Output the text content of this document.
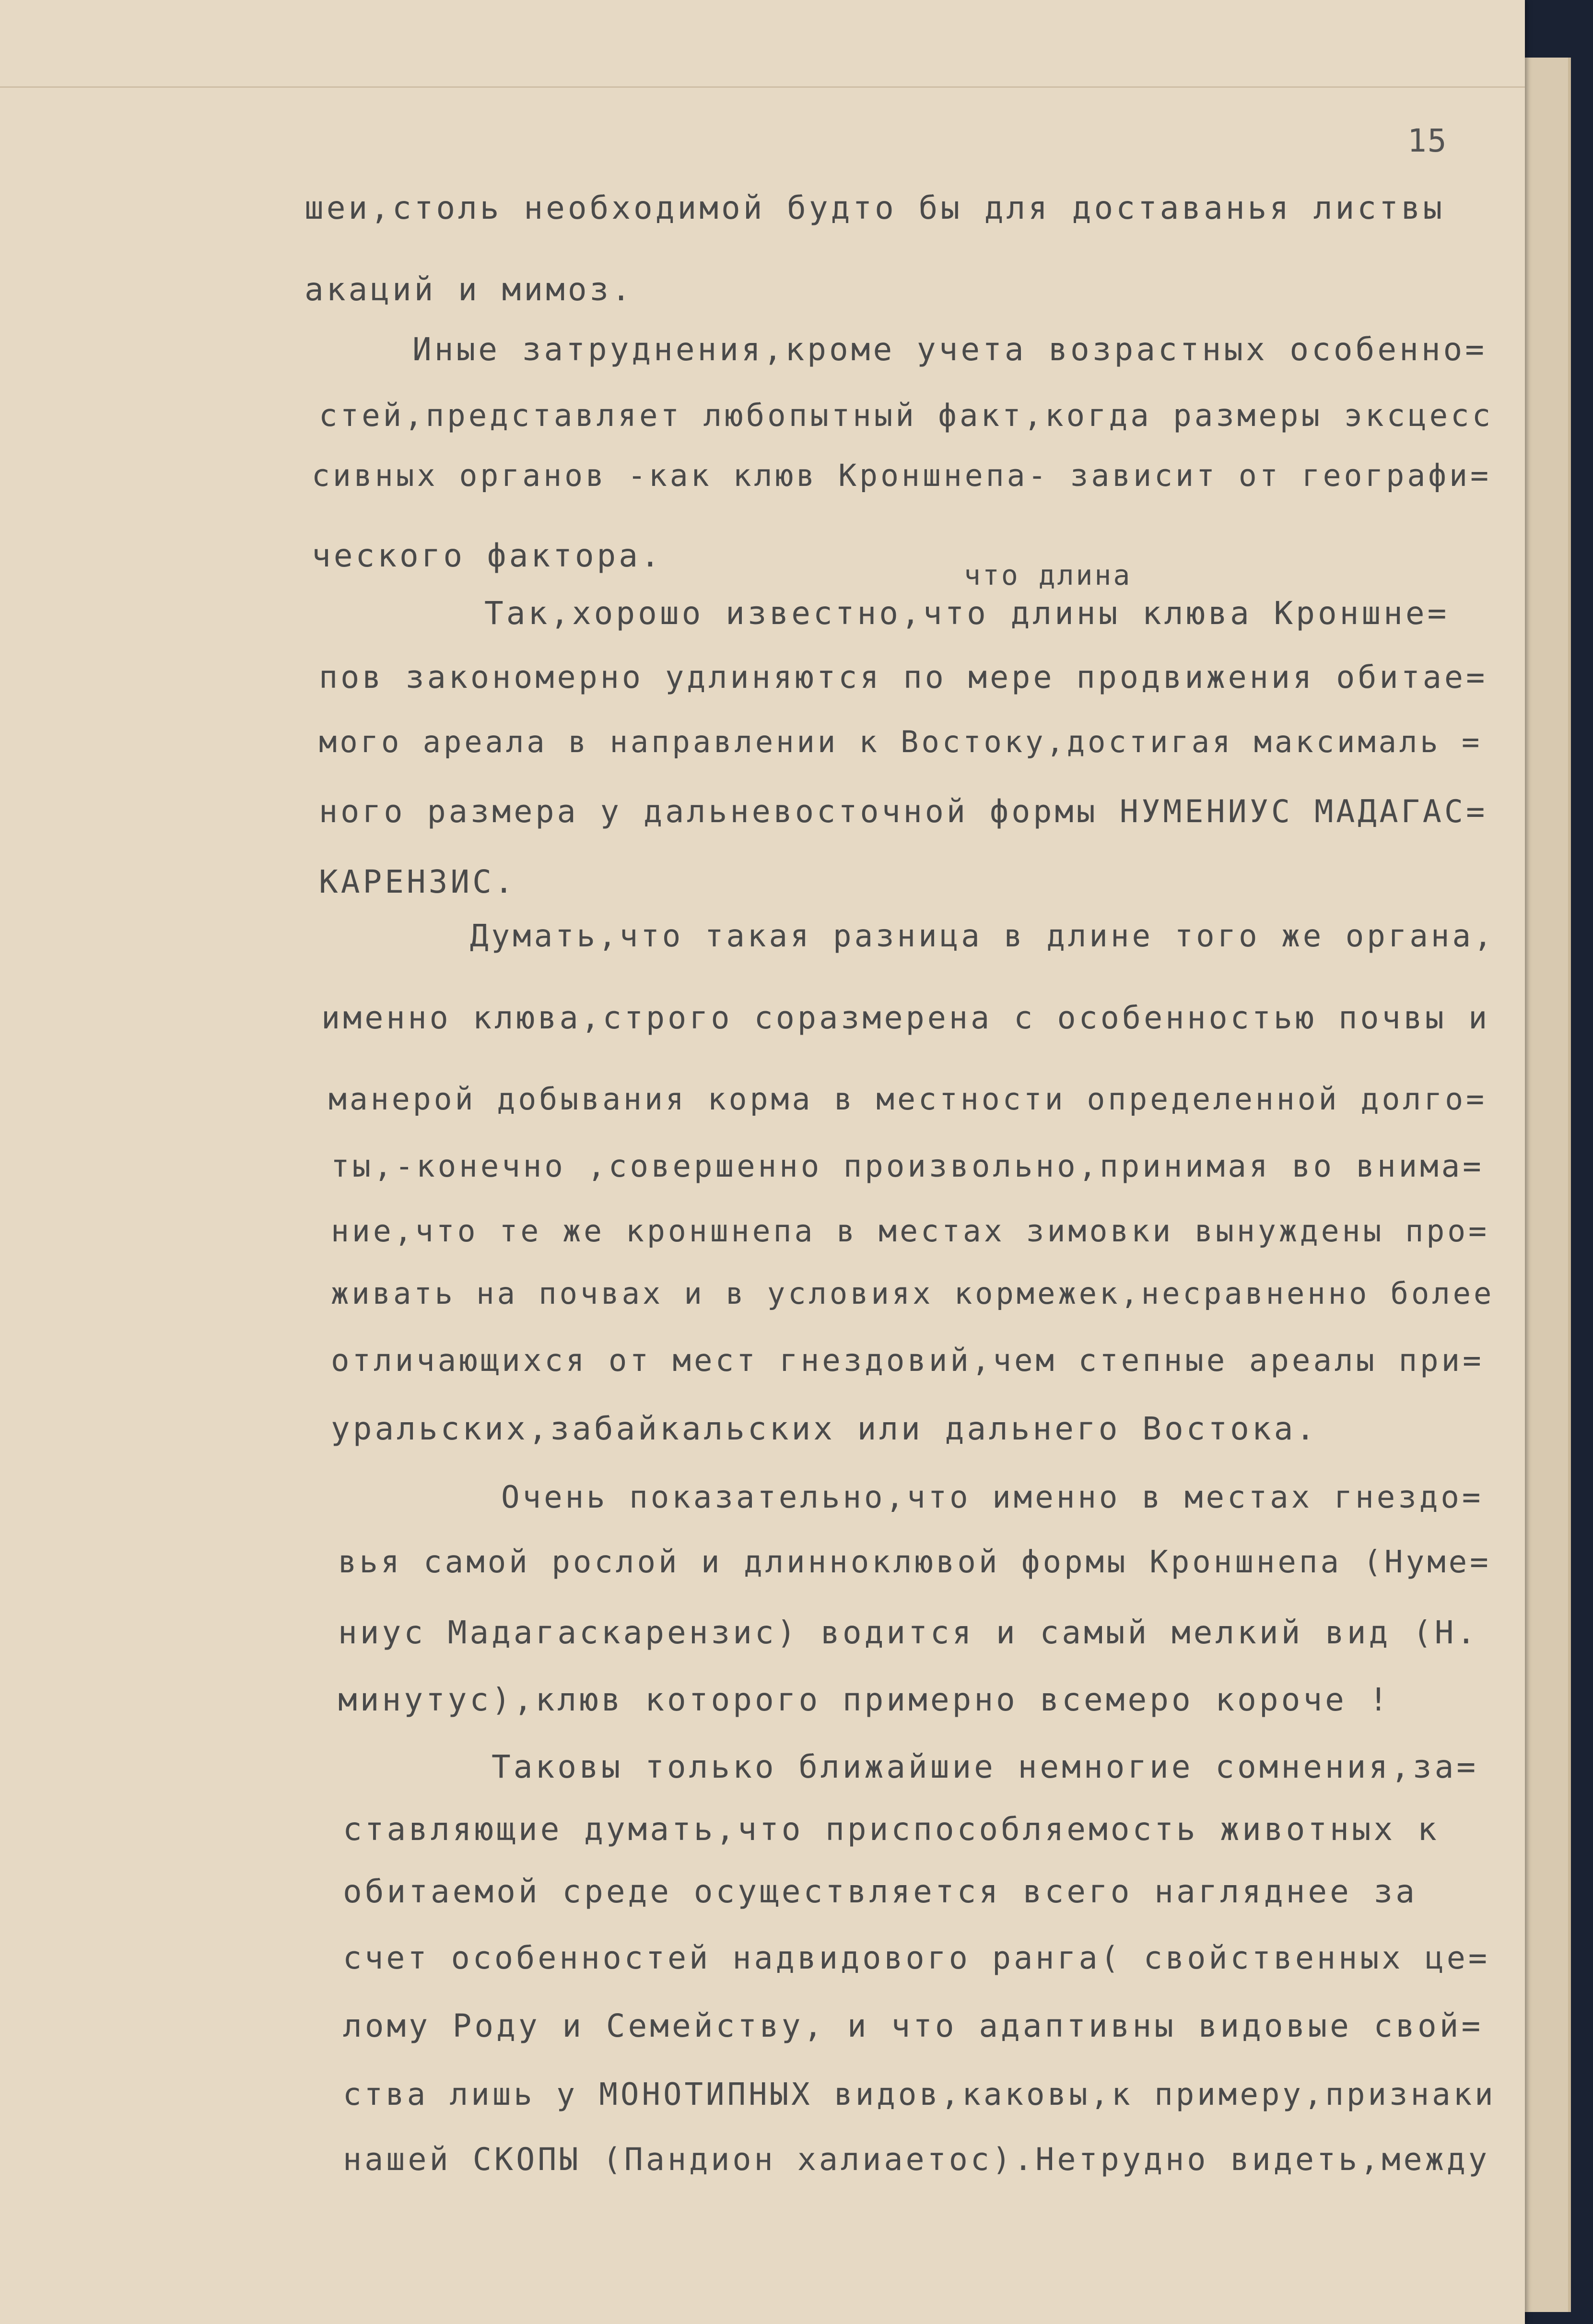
15
что длина
шеи,столь необходимой будто бы для доставанья листвы
акаций и мимоз.
Иные затруднения,кроме учета возрастных особенно=
стей,представляет любопытный факт,когда размеры эксцесс
сивных органов -как клюв Кроншнепа- зависит от географи=
ческого фактора.
Так,хорошо известно,что длины клюва Кроншне=
пов закономерно удлиняются по мере продвижения обитае=
мого ареала в направлении к Востоку,достигая максималь =
ного размера у дальневосточной формы НУМЕНИУС МАДАГАС=
КАРЕНЗИС.
Думать,что такая разница в длине того же органа,
именно клюва,строго соразмерена с особенностью почвы и
манерой добывания корма в местности определенной долго=
ты,-конечно ,совершенно произвольно,принимая во внима=
ние,что те же кроншнепа в местах зимовки вынуждены про=
живать на почвах и в условиях кормежек,несравненно более
отличающихся от мест гнездовий,чем степные ареалы при=
уральских,забайкальских или дальнего Востока.
Очень показательно,что именно в местах гнездо=
вья самой рослой и длинноклювой формы Кроншнепа (Нуме=
ниус Мадагаскарензис) водится и самый мелкий вид (Н.
минутус),клюв которого примерно всемеро короче !
Таковы только ближайшие немногие сомнения,за=
ставляющие думать,что приспособляемость животных к
обитаемой среде осуществляется всего нагляднее за
счет особенностей надвидового ранга( свойственных це=
лому Роду и Семейству, и что адаптивны видовые свой=
ства лишь у МОНОТИПНЫХ видов,каковы,к примеру,признаки
нашей СКОПЫ (Пандион халиаетос).Нетрудно видеть,между
